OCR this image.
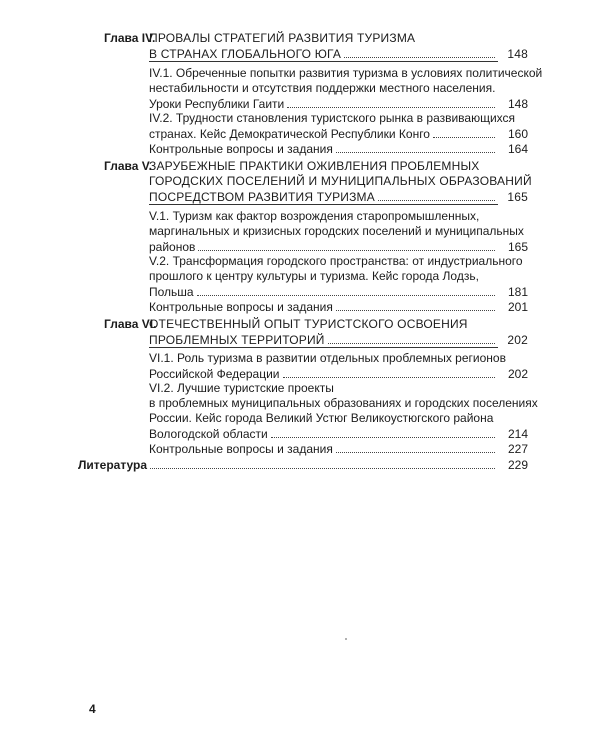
Глава IV.
ПРОВАЛЫ СТРАТЕГИЙ РАЗВИТИЯ ТУРИЗМА
В СТРАНАХ ГЛОБАЛЬНОГО ЮГА	148
IV.1. Обреченные попытки развития туризма в условиях политической
нестабильности и отсутствия поддержки местного населения.
Уроки Республики Гаити	148
IV.2. Трудности становления туристского рынка в развивающихся
странах. Кейс Демократической Республики Конго	160
Контрольные вопросы и задания	164
Глава V.
ЗАРУБЕЖНЫЕ ПРАКТИКИ ОЖИВЛЕНИЯ ПРОБЛЕМНЫХ
ГОРОДСКИХ ПОСЕЛЕНИЙ И МУНИЦИПАЛЬНЫХ ОБРАЗОВАНИЙ
ПОСРЕДСТВОМ РАЗВИТИЯ ТУРИЗМА	165
V.1. Туризм как фактор возрождения старопромышленных,
маргинальных и кризисных городских поселений и муниципальных
районов	165
V.2. Трансформация городского пространства: от индустриального
прошлого к центру культуры и туризма. Кейс города Лодзь,
Польша	181
Контрольные вопросы и задания	201
Глава VI.
ОТЕЧЕСТВЕННЫЙ ОПЫТ ТУРИСТСКОГО ОСВОЕНИЯ
ПРОБЛЕМНЫХ ТЕРРИТОРИЙ	202
VI.1. Роль туризма в развитии отдельных проблемных регионов
Российской Федерации	202
VI.2. Лучшие туристские проекты
в проблемных муниципальных образованиях и городских поселениях
России. Кейс города Великий Устюг Великоустюгского района
Вологодской области	214
Контрольные вопросы и задания	227
Литература	229
4
